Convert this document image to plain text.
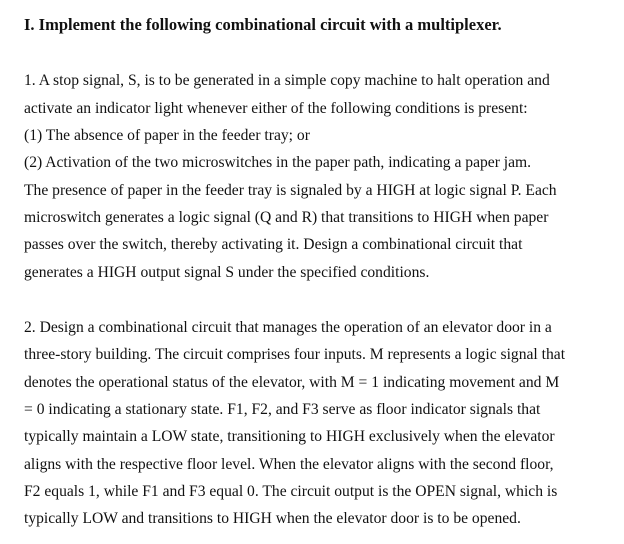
I. Implement the following combinational circuit with a multiplexer.
1. A stop signal, S, is to be generated in a simple copy machine to halt operation and
activate an indicator light whenever either of the following conditions is present:
(1) The absence of paper in the feeder tray; or
(2) Activation of the two microswitches in the paper path, indicating a paper jam.
The presence of paper in the feeder tray is signaled by a HIGH at logic signal P. Each
microswitch generates a logic signal (Q and R) that transitions to HIGH when paper
passes over the switch, thereby activating it. Design a combinational circuit that
generates a HIGH output signal S under the specified conditions.
2. Design a combinational circuit that manages the operation of an elevator door in a
three-story building. The circuit comprises four inputs. M represents a logic signal that
denotes the operational status of the elevator, with M = 1 indicating movement and M
= 0 indicating a stationary state. F1, F2, and F3 serve as floor indicator signals that
typically maintain a LOW state, transitioning to HIGH exclusively when the elevator
aligns with the respective floor level. When the elevator aligns with the second floor,
F2 equals 1, while F1 and F3 equal 0. The circuit output is the OPEN signal, which is
typically LOW and transitions to HIGH when the elevator door is to be opened.
